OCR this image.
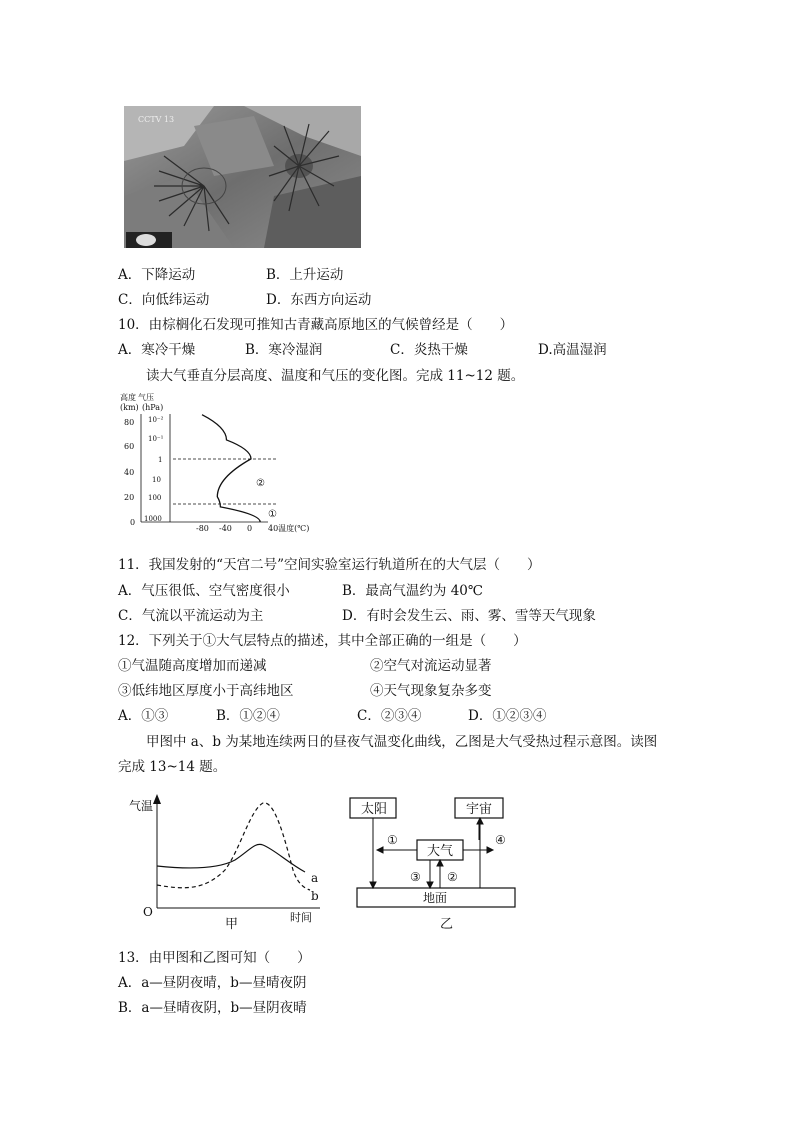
CCTV 13
A．下降运动	B．上升运动
C．向低纬运动	D．东西方向运动
10．由棕榈化石发现可推知古青藏高原地区的气候曾经是（　　）
A．寒冷干燥	B．寒冷湿润	C．炎热干燥	D.高温湿润
读大气垂直分层高度、温度和气压的变化图。完成 11~12 题。
高度 气压
(km) (hPa)
80
60
40
20
0
10⁻²
10⁻¹
1
10
100
1000
-80 -40 0 40温度(℃)
②
①
11．我国发射的“天宫二号”空间实验室运行轨道所在的大气层（　　）
A．气压很低、空气密度很小	B．最高气温约为 40℃
C．气流以平流运动为主	D．有时会发生云、雨、雾、雪等天气现象
12．下列关于①大气层特点的描述，其中全部正确的一组是（　　）
①气温随高度增加而递减	②空气对流运动显著
③低纬地区厚度小于高纬地区	④天气现象复杂多变
A．①③	B．①②④	C．②③④	D．①②③④
甲图中 a、b 为某地连续两日的昼夜气温变化曲线，乙图是大气受热过程示意图。读图
完成 13~14 题。
气温
O	时间
a
b
甲
太阳	宇宙
大气
地面
①
③ ②
④
乙
13．由甲图和乙图可知（　　）
A．a—昼阴夜晴，b—昼晴夜阴
B．a—昼晴夜阴，b—昼阴夜晴
